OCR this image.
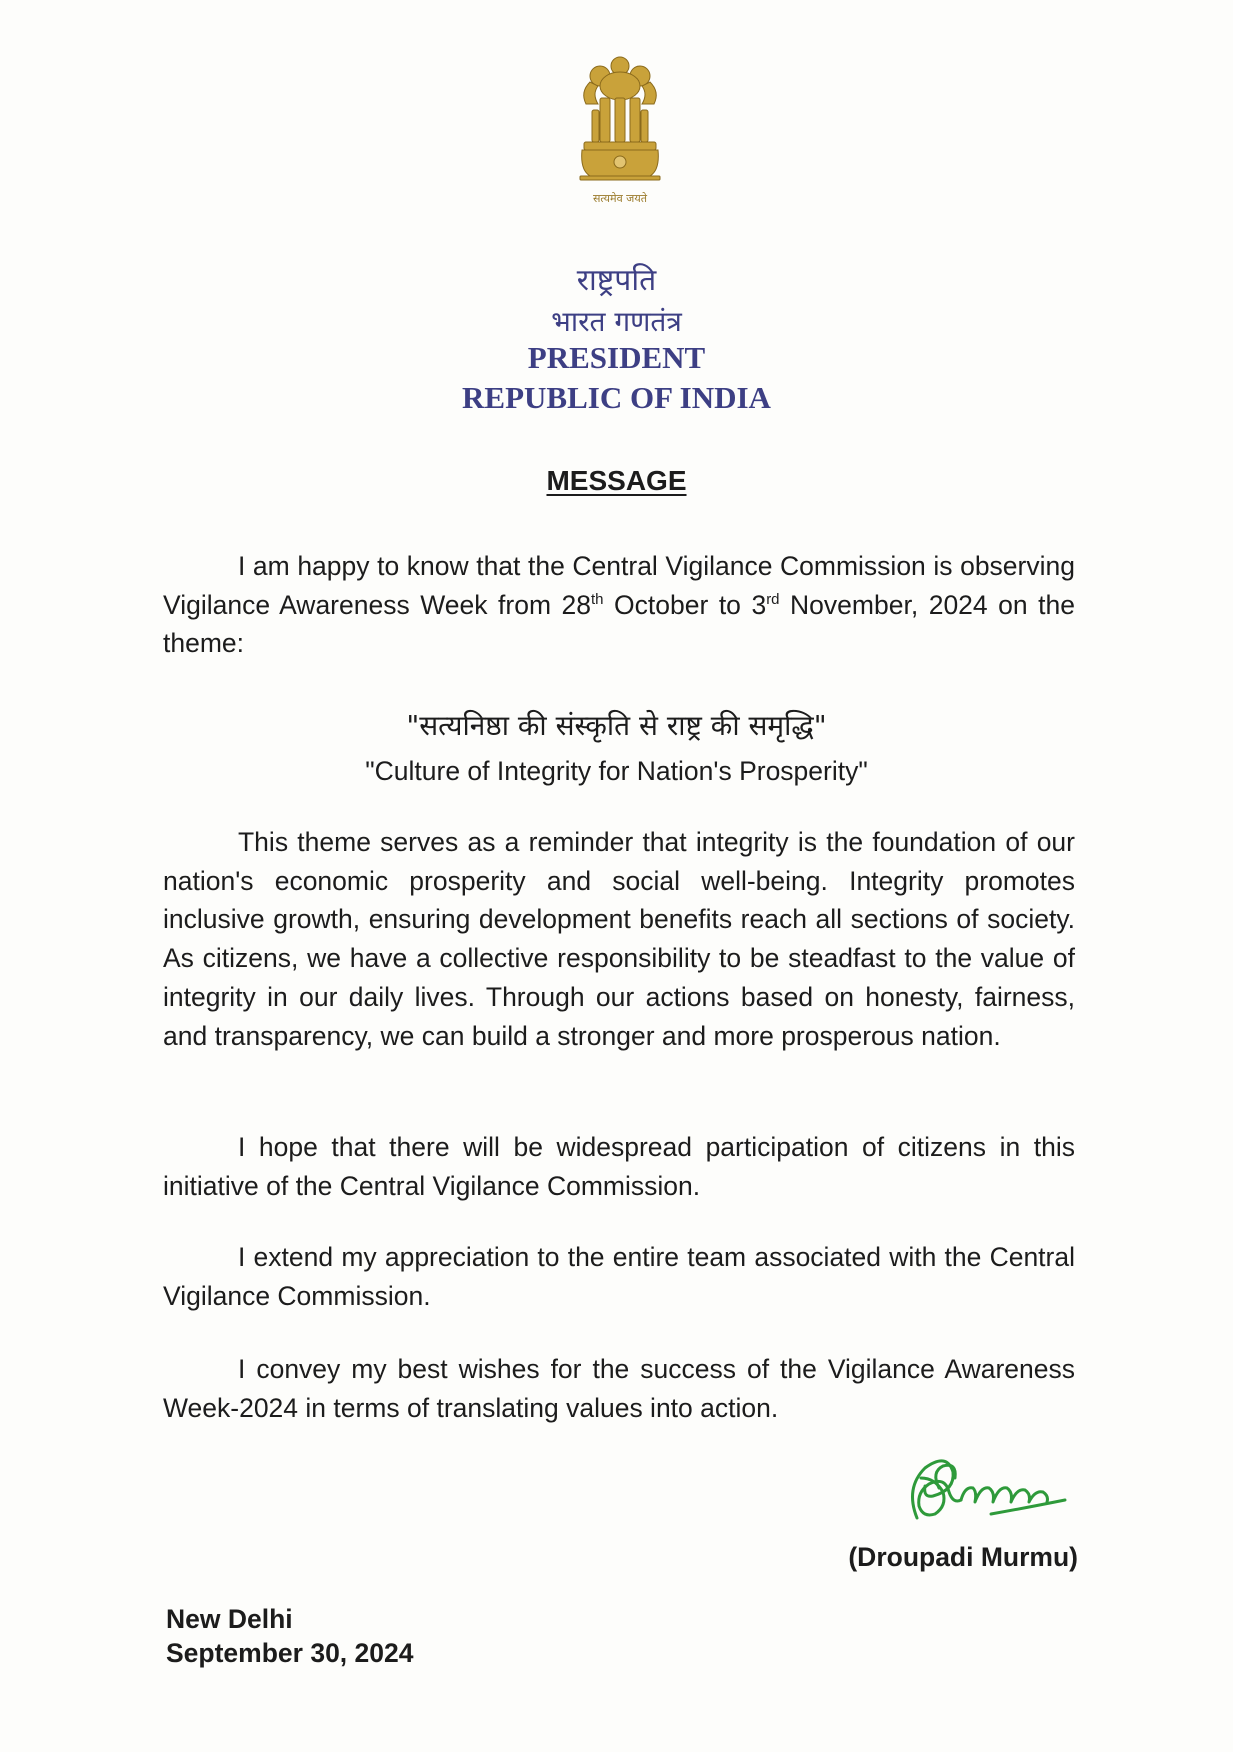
सत्यमेव जयते
राष्ट्रपति
भारत गणतंत्र
PRESIDENT
REPUBLIC OF INDIA
MESSAGE
I am happy to know that the Central Vigilance Commission is observing Vigilance Awareness Week from 28th October to 3rd November, 2024 on the theme:
"सत्यनिष्ठा की संस्कृति से राष्ट्र की समृद्धि"
"Culture of Integrity for Nation's Prosperity"
This theme serves as a reminder that integrity is the foundation of our nation's economic prosperity and social well-being. Integrity promotes inclusive growth, ensuring development benefits reach all sections of society. As citizens, we have a collective responsibility to be steadfast to the value of integrity in our daily lives. Through our actions based on honesty, fairness, and transparency, we can build a stronger and more prosperous nation.
I hope that there will be widespread participation of citizens in this initiative of the Central Vigilance Commission.
I extend my appreciation to the entire team associated with the Central Vigilance Commission.
I convey my best wishes for the success of the Vigilance Awareness Week-2024 in terms of translating values into action.
(Droupadi Murmu)
New Delhi
September 30, 2024
